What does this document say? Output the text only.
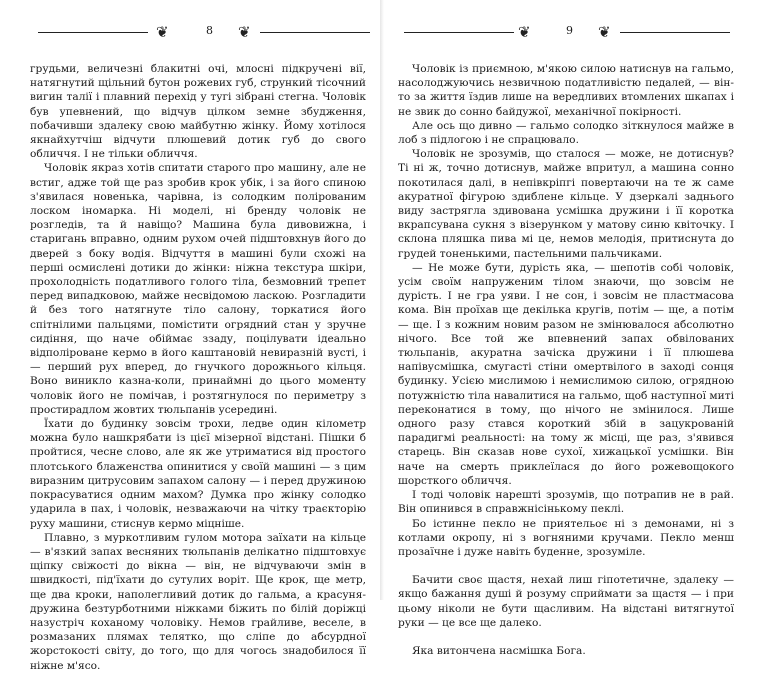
❦	8 ❦

грудьми, величезні блакитні очі, млосні підкручені вії, натягнутий щільний бутон рожевих губ, стрункий тісочний вигин талії і плавний перехід у тугі зібрані стегна. Чоловік був упевнений, що відчув цілком земне збудження, побачивши здалеку свою майбутню жінку. Йому хотілося якнайхутчіш відчути плюшевий дотик губ до свого обличчя. І не тільки обличчя.

Чоловік якраз хотів спитати старого про машину, але не встиг, адже той ще раз зробив крок убік, і за його спиною з'явилася новенька, чарівна, із солодким полірованим лоском іномарка. Ні моделі, ні бренду чоловік не розгледів, та й навіщо? Машина була дивовижна, і старигань вправно, одним рухом очей підштовхнув його до дверей з боку водія. Відчуття в машині були схожі на перші осмислені дотики до жінки: ніжна текстура шкіри, прохолодність податливого голого тіла, безмовний трепет перед випадковою, майже несвідомою ласкою. Розгладити й без того натягнуте тіло салону, торкатися його спітнілими пальцями, помістити огрядний стан у зручне сидіння, що наче обіймає ззаду, поцілувати ідеально відполіроване кермо в його каштановій невиразній вусті, і — перший рух вперед, до гнучкого дорожнього кільця. Воно виникло казна-коли, принаймні до цього моменту чоловік його не помічав, і розтягнулося по периметру з простирадлом жовтих тюльпанів усередині.

Їхати до будинку зовсім трохи, ледве один кілометр можна було нашкрябати із цієї мізерної відстані. Пішки б пройтися, чесне слово, але як же утриматися від простого плотського блаженства опинитися у своїй машині — з цим виразним цитрусовим запахом салону — і перед дружиною покрасуватися одним махом? Думка про жінку солодко ударила в пах, і чоловік, незважаючи на чітку траєкторію руху машини, стиснув кермо міцніше.

Плавно, з муркотливим гулом мотора заїхати на кільце — в'язкий запах весняних тюльпанів делікатно підштовхує щіпку свіжості до вікна — він, не відчуваючи змін в швидкості, під'їхати до сутулих воріт. Ще крок, ще метр, ще два кроки, наполегливий дотик до гальма, а красуня-дружина безтурботними ніжками біжить по білій доріжці назустріч коханому чоловіку. Немов грайливе, веселе, в розмазаних плямах телятко, що сліпе до абсурдної жорстокості світу, до того, що для чогось знадобилося її ніжне м'ясо.

❦	9 ❦

Чоловік із приємною, м'якою силою натиснув на гальмо, насолоджуючись незвичною податливістю педалей, — він-то за життя їздив лише на вередливих втомлених шкапах і не звик до сонно байдужої, механічної покірності.

Але ось що дивно — гальмо солодко зіткнулося майже в лоб з підлогою і не спрацювало.

Чоловік не зрозумів, що сталося — може, не дотиснув? Ті ні ж, точно дотиснув, майже впритул, а машина сонно покотилася далі, в непівкріпгі повертаючи на те ж саме акуратної фігурою здиблене кільце. У дзеркалі заднього виду застрягла здивована усмішка дружини і її коротка вкрапсувана сукня з візерунком у матову синю квіточку. І склона пляшка пива мі це, немов мелодія, притиснута до грудей тоненькими, пастельними пальчиками.

— Не може бути, дурість яка, — шепотів собі чоловік, усім своїм напруженим тілом знаючи, що зовсім не дурість. І не гра уяви. І не сон, і зовсім не пластмасова кома. Він проїхав ще декілька кругів, потім — ще, а потім — ще. І з кожним новим разом не змінювалося абсолютно нічого. Все той же впевнений запах обвілованих тюльпанів, акуратна зачіска дружини і її плюшева напівусмішка, смугасті стіни омертвілого в заході сонця будинку. Усією мислимою і немислимою силою, огрядною потужністю тіла навалитися на гальмо, щоб наступної миті переконатися в тому, що нічого не змінилося. Лише одного разу стався короткий збій в зацукрованій парадигмі реальності: на тому ж місці, ще раз, з'явився старець. Він сказав нове сухої, хижацької усмішки. Він наче на смерть приклеїлася до його рожевощокого шорсткого обличчя.

І тоді чоловік нарешті зрозумів, що потрапив не в рай. Він опинився в справжнісінькому пеклі.

Бо істинне пекло не приятельоє ні з демонами, ні з котлами окропу, ні з вогняними кручами. Пекло менш прозаїчне і дуже навіть буденне, зрозуміле.

Бачити своє щастя, нехай лиш гіпотетичне, здалеку — якщо бажання душі й розуму сприймати за щастя — і при цьому ніколи не бути щасливим. На відстані витягнутої руки — це все ще далеко.

Яка витончена насмішка Бога.
